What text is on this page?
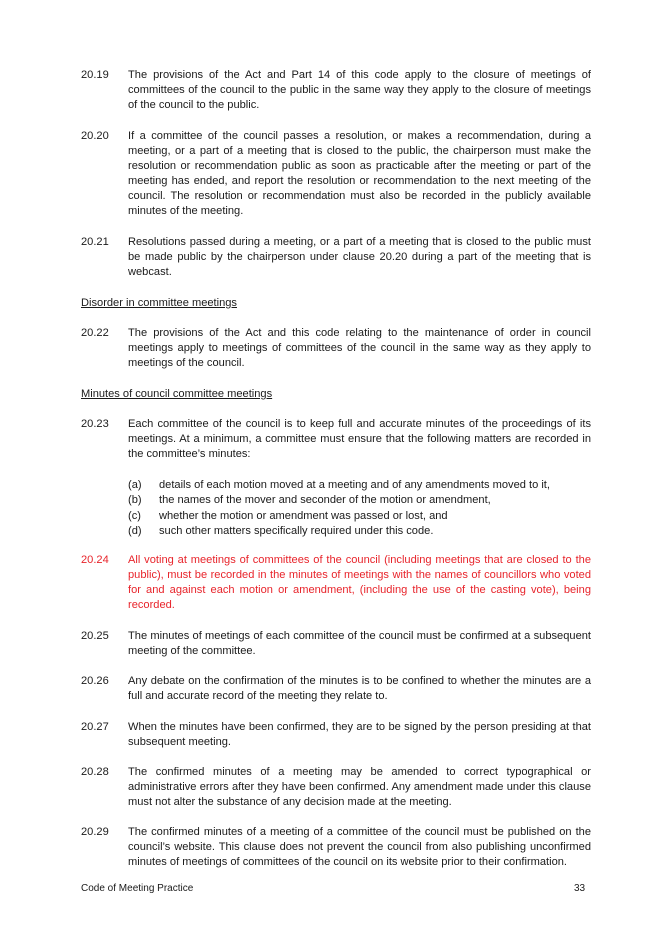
20.19	The provisions of the Act and Part 14 of this code apply to the closure of meetings of committees of the council to the public in the same way they apply to the closure of meetings of the council to the public.
20.20	If a committee of the council passes a resolution, or makes a recommendation, during a meeting, or a part of a meeting that is closed to the public, the chairperson must make the resolution or recommendation public as soon as practicable after the meeting or part of the meeting has ended, and report the resolution or recommendation to the next meeting of the council. The resolution or recommendation must also be recorded in the publicly available minutes of the meeting.
20.21	Resolutions passed during a meeting, or a part of a meeting that is closed to the public must be made public by the chairperson under clause 20.20 during a part of the meeting that is webcast.
Disorder in committee meetings
20.22	The provisions of the Act and this code relating to the maintenance of order in council meetings apply to meetings of committees of the council in the same way as they apply to meetings of the council.
Minutes of council committee meetings
20.23	Each committee of the council is to keep full and accurate minutes of the proceedings of its meetings. At a minimum, a committee must ensure that the following matters are recorded in the committee’s minutes:
(a) details of each motion moved at a meeting and of any amendments moved to it,
(b) the names of the mover and seconder of the motion or amendment,
(c) whether the motion or amendment was passed or lost, and
(d) such other matters specifically required under this code.
20.24	All voting at meetings of committees of the council (including meetings that are closed to the public), must be recorded in the minutes of meetings with the names of councillors who voted for and against each motion or amendment, (including the use of the casting vote), being recorded.
20.25	The minutes of meetings of each committee of the council must be confirmed at a subsequent meeting of the committee.
20.26	Any debate on the confirmation of the minutes is to be confined to whether the minutes are a full and accurate record of the meeting they relate to.
20.27	When the minutes have been confirmed, they are to be signed by the person presiding at that subsequent meeting.
20.28	The confirmed minutes of a meeting may be amended to correct typographical or administrative errors after they have been confirmed. Any amendment made under this clause must not alter the substance of any decision made at the meeting.
20.29	The confirmed minutes of a meeting of a committee of the council must be published on the council’s website. This clause does not prevent the council from also publishing unconfirmed minutes of meetings of committees of the council on its website prior to their confirmation.
Code of Meeting Practice	33
